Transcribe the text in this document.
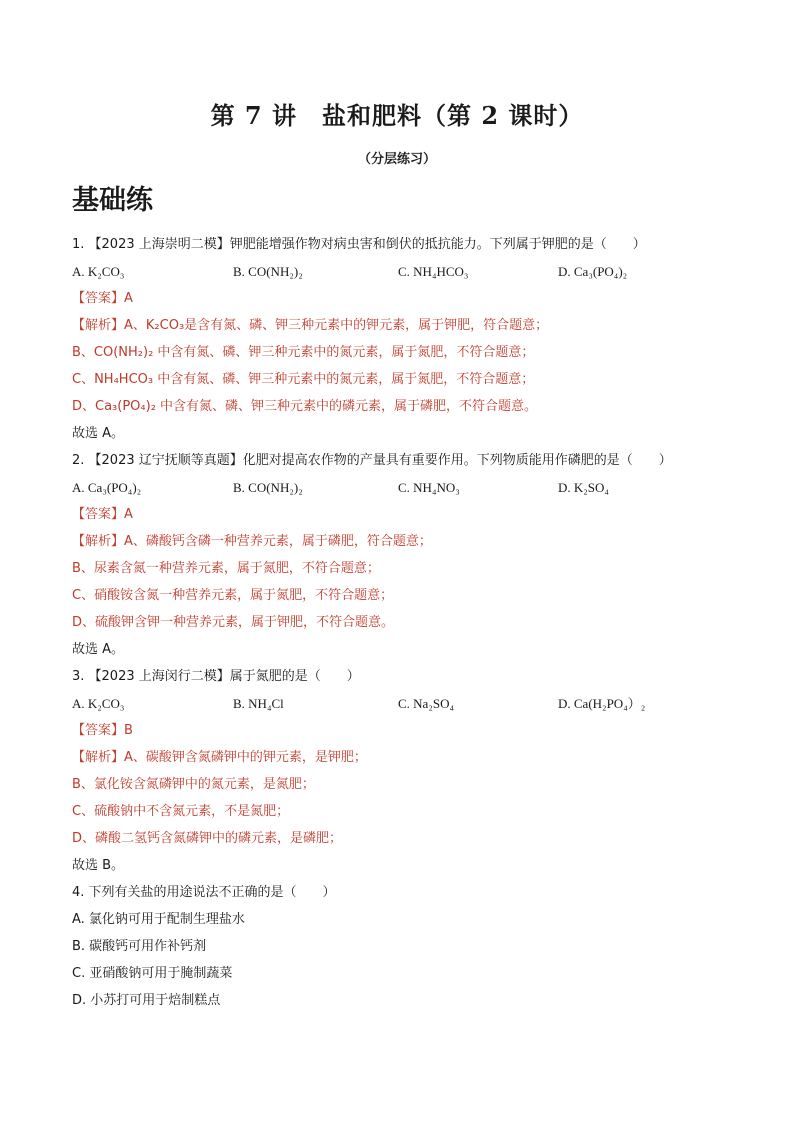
第 7 讲　盐和肥料（第 2 课时）
（分层练习）
基础练
1. 【2023 上海崇明二模】钾肥能增强作物对病虫害和倒伏的抵抗能力。下列属于钾肥的是（　　）
A. K₂CO₃	B. CO(NH₂)₂	C. NH₄HCO₃	D. Ca₃(PO₄)₂
【答案】A
【解析】A、K₂CO₃是含有氮、磷、钾三种元素中的钾元素，属于钾肥，符合题意；
B、CO(NH₂)₂ 中含有氮、磷、钾三种元素中的氮元素，属于氮肥，不符合题意；
C、NH₄HCO₃ 中含有氮、磷、钾三种元素中的氮元素，属于氮肥，不符合题意；
D、Ca₃(PO₄)₂ 中含有氮、磷、钾三种元素中的磷元素，属于磷肥，不符合题意。
故选 A。
2. 【2023 辽宁抚顺等真题】化肥对提高农作物的产量具有重要作用。下列物质能用作磷肥的是（　　）
A. Ca₃(PO₄)₂	B. CO(NH₂)₂	C. NH₄NO₃	D. K₂SO₄
【答案】A
【解析】A、磷酸钙含磷一种营养元素，属于磷肥，符合题意；
B、尿素含氮一种营养元素，属于氮肥，不符合题意；
C、硝酸铵含氮一种营养元素，属于氮肥，不符合题意；
D、硫酸钾含钾一种营养元素，属于钾肥，不符合题意。
故选 A。
3. 【2023 上海闵行二模】属于氮肥的是（　　）
A. K₂CO₃	B. NH₄Cl	C. Na₂SO₄	D. Ca(H₂PO₄）₂
【答案】B
【解析】A、碳酸钾含氮磷钾中的钾元素，是钾肥；
B、氯化铵含氮磷钾中的氮元素，是氮肥；
C、硫酸钠中不含氮元素，不是氮肥；
D、磷酸二氢钙含氮磷钾中的磷元素，是磷肥；
故选 B。
4. 下列有关盐的用途说法不正确的是（　　）
A. 氯化钠可用于配制生理盐水
B. 碳酸钙可用作补钙剂
C. 亚硝酸钠可用于腌制蔬菜
D. 小苏打可用于焙制糕点
